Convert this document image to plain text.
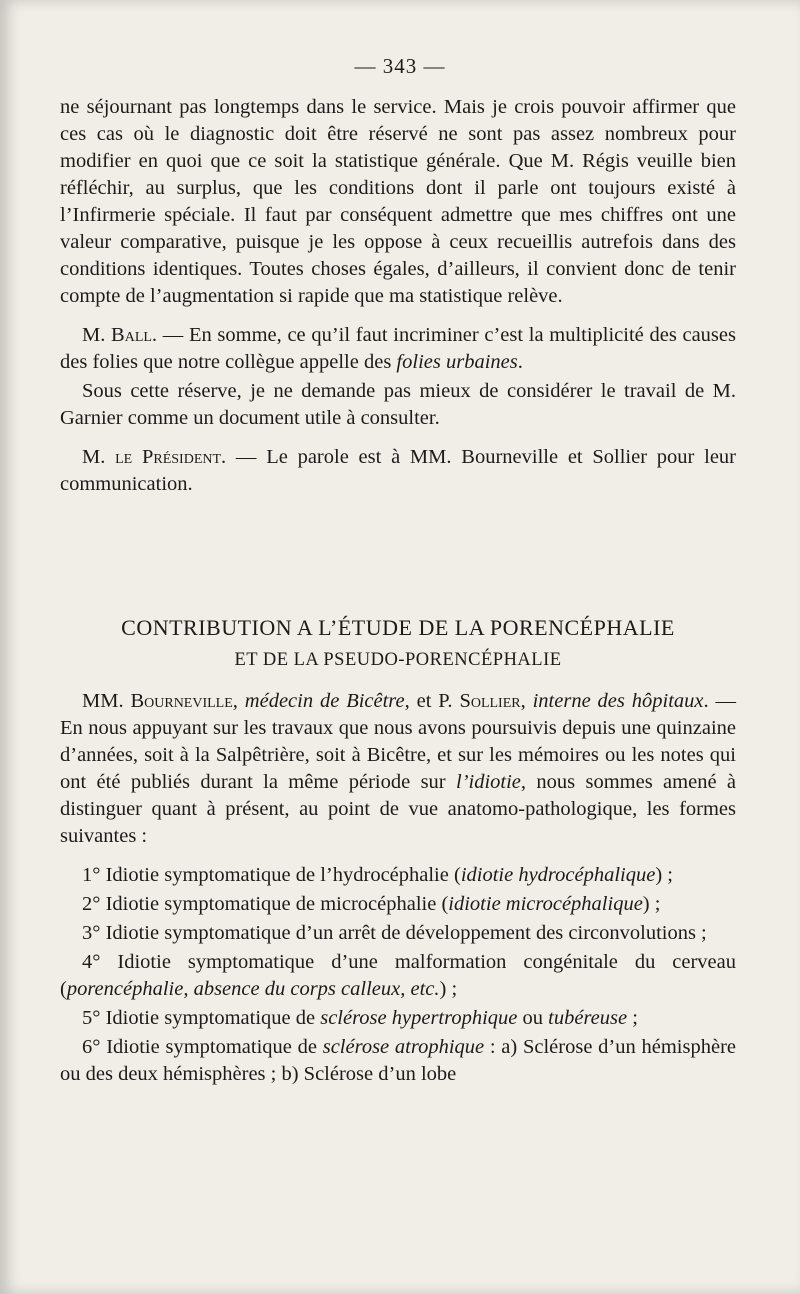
— 343 —

ne séjournant pas longtemps dans le service. Mais je crois pouvoir affirmer que ces cas où le diagnostic doit être réservé ne sont pas assez nombreux pour modifier en quoi que ce soit la statistique générale. Que M. Régis veuille bien réfléchir, au surplus, que les conditions dont il parle ont toujours existé à l’Infirmerie spéciale. Il faut par conséquent admettre que mes chiffres ont une valeur comparative, puisque je les oppose à ceux recueillis autrefois dans des conditions identiques. Toutes choses égales, d’ailleurs, il convient donc de tenir compte de l’augmentation si rapide que ma statistique relève.

M. Ball. — En somme, ce qu’il faut incriminer c’est la multiplicité des causes des folies que notre collègue appelle des folies urbaines.

Sous cette réserve, je ne demande pas mieux de considérer le travail de M. Garnier comme un document utile à consulter.

M. le Président. — Le parole est à MM. Bourneville et Sollier pour leur communication.

CONTRIBUTION A L’ÉTUDE DE LA PORENCÉPHALIE
ET DE LA PSEUDO-PORENCÉPHALIE

MM. Bourneville, médecin de Bicêtre, et P. Sollier, interne des hôpitaux. — En nous appuyant sur les travaux que nous avons poursuivis depuis une quinzaine d’années, soit à la Salpêtrière, soit à Bicêtre, et sur les mémoires ou les notes qui ont été publiés durant la même période sur l’idiotie, nous sommes amené à distinguer quant à présent, au point de vue anatomo-pathologique, les formes suivantes :

1° Idiotie symptomatique de l’hydrocéphalie (idiotie hydrocéphalique) ;

2° Idiotie symptomatique de microcéphalie (idiotie microcéphalique) ;

3° Idiotie symptomatique d’un arrêt de développement des circonvolutions ;

4° Idiotie symptomatique d’une malformation congénitale du cerveau (porencéphalie, absence du corps calleux, etc.) ;

5° Idiotie symptomatique de sclérose hypertrophique ou tubéreuse ;

6° Idiotie symptomatique de sclérose atrophique : a) Sclérose d’un hémisphère ou des deux hémisphères ; b) Sclérose d’un lobe
